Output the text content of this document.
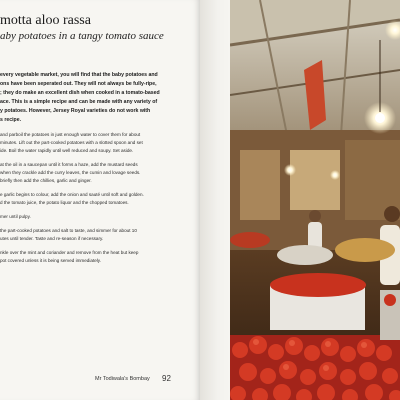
motta aloo rassa
aby potatoes in a tangy tomato sauce
every vegetable market, you will find that the baby potatoes and
ons have been seperated out. They will not always be fully-ripe,
; they do make an excellent dish when cooked in a tomato-based
ace. This is a simple recipe and can be made with any variety of
y potatoes. However, Jersey Royal varieties do not work with
s recipe.

and parboil the potatoes in just enough water to cover them for about
minutes. Lift out the part-cooked potatoes with a slotted spoon and set
ide. Boil the water rapidly until well reduced and soupy. Set aside.

at the oil in a saucepan until it forms a haze, add the mustard seeds
when they crackle add the curry leaves, the cumin and lovage seeds.
briefly then add the chillies, garlic and ginger.

e garlic begins to colour, add the onion and sauté until soft and golden.
d the tomato juice, the potato liquor and the chopped tomatoes.

mer until pulpy.

the part-cooked potatoes and salt to taste, and simmer for about 10
utes until tender. Taste and re-season if necessary.

nkle over the mint and coriander and remove from the heat but keep
pot covered unless it is being served immediately.

Mr Todiwala's Bombay 92
